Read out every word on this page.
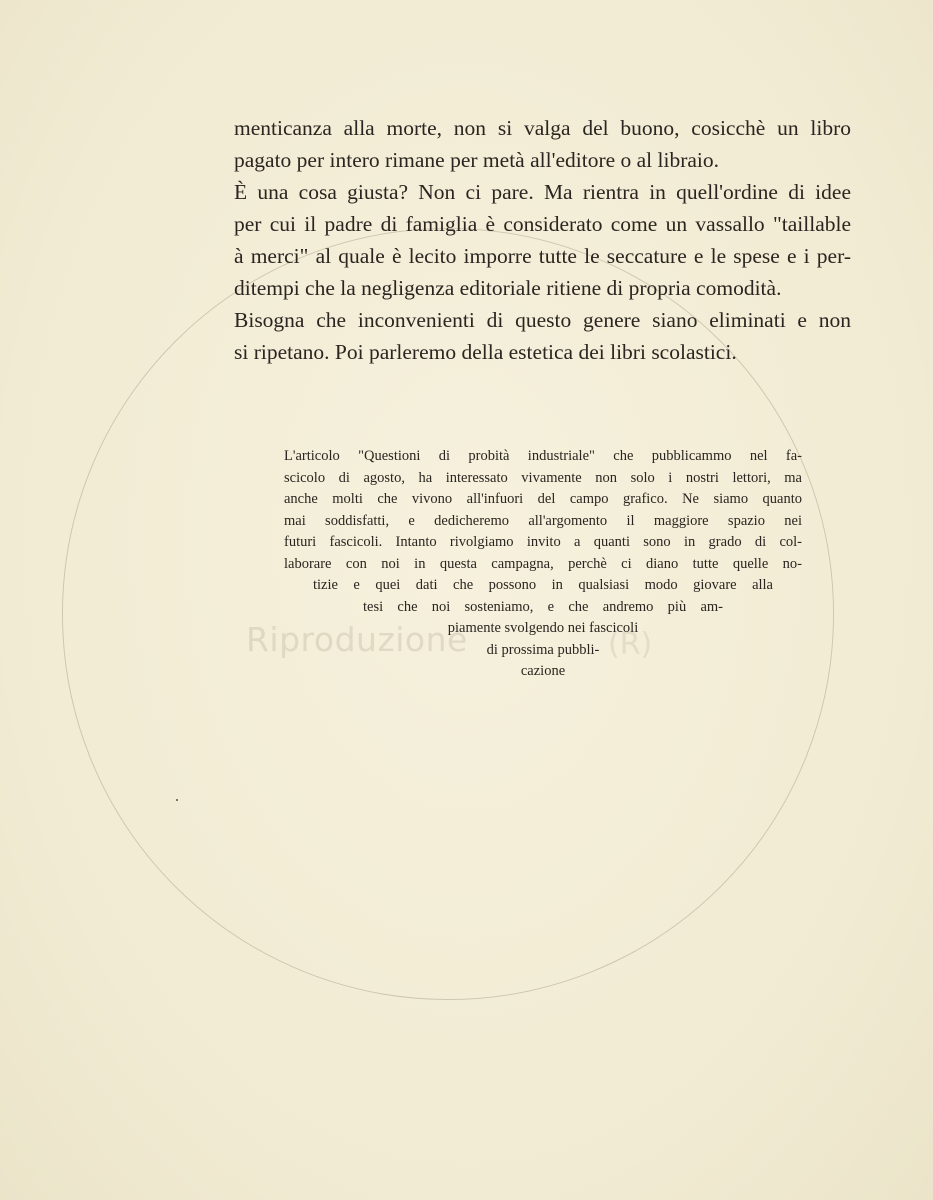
Riproduzione	(R)
menticanza alla morte, non si valga del buono, cosicchè un libro
pagato per intero rimane per metà all'editore o al libraio.
È una cosa giusta? Non ci pare. Ma rientra in quell'ordine di idee
per cui il padre di famiglia è considerato come un vassallo "taillable
à merci" al quale è lecito imporre tutte le seccature e le spese e i per-
ditempi che la negligenza editoriale ritiene di propria comodità.
Bisogna che inconvenienti di questo genere siano eliminati e non
si ripetano. Poi parleremo della estetica dei libri scolastici.
L'articolo "Questioni di probità industriale" che pubblicammo nel fa-
scicolo di agosto, ha interessato vivamente non solo i nostri lettori, ma
anche molti che vivono all'infuori del campo grafico. Ne siamo quanto
mai soddisfatti, e dedicheremo all'argomento il maggiore spazio nei
futuri fascicoli. Intanto rivolgiamo invito a quanti sono in grado di col-
laborare con noi in questa campagna, perchè ci diano tutte quelle no-
tizie e quei dati che possono in qualsiasi modo giovare alla
tesi che noi sosteniamo, e che andremo più am-
piamente svolgendo nei fascicoli
di prossima pubbli-
cazione
